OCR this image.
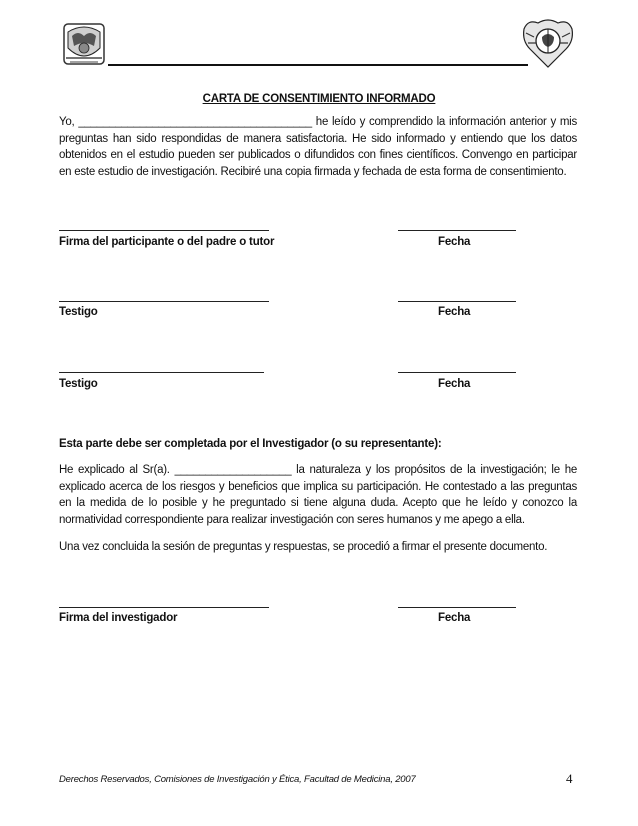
CARTA DE CONSENTIMIENTO INFORMADO
Yo, ______________________________________ he leído y comprendido la información anterior y mis preguntas han sido respondidas de manera satisfactoria. He sido informado y entiendo que los datos obtenidos en el estudio pueden ser publicados o difundidos con fines científicos. Convengo en participar en este estudio de investigación. Recibiré una copia firmada y fechada de esta forma de consentimiento.
Firma del participante o del padre o tutor	Fecha
Testigo	Fecha
Testigo	Fecha
Esta parte debe ser completada por el Investigador (o su representante):
He explicado al Sr(a). ___________________ la naturaleza y los propósitos de la investigación; le he explicado acerca de los riesgos y beneficios que implica su participación. He contestado a las preguntas en la medida de lo posible y he preguntado si tiene alguna duda. Acepto que he leído y conozco la normatividad correspondiente para realizar investigación con seres humanos y me apego a ella.
Una vez concluida la sesión de preguntas y respuestas, se procedió a firmar el presente documento.
Firma del investigador	Fecha
Derechos Reservados, Comisiones de Investigación y Ética, Facultad de Medicina, 2007	4
